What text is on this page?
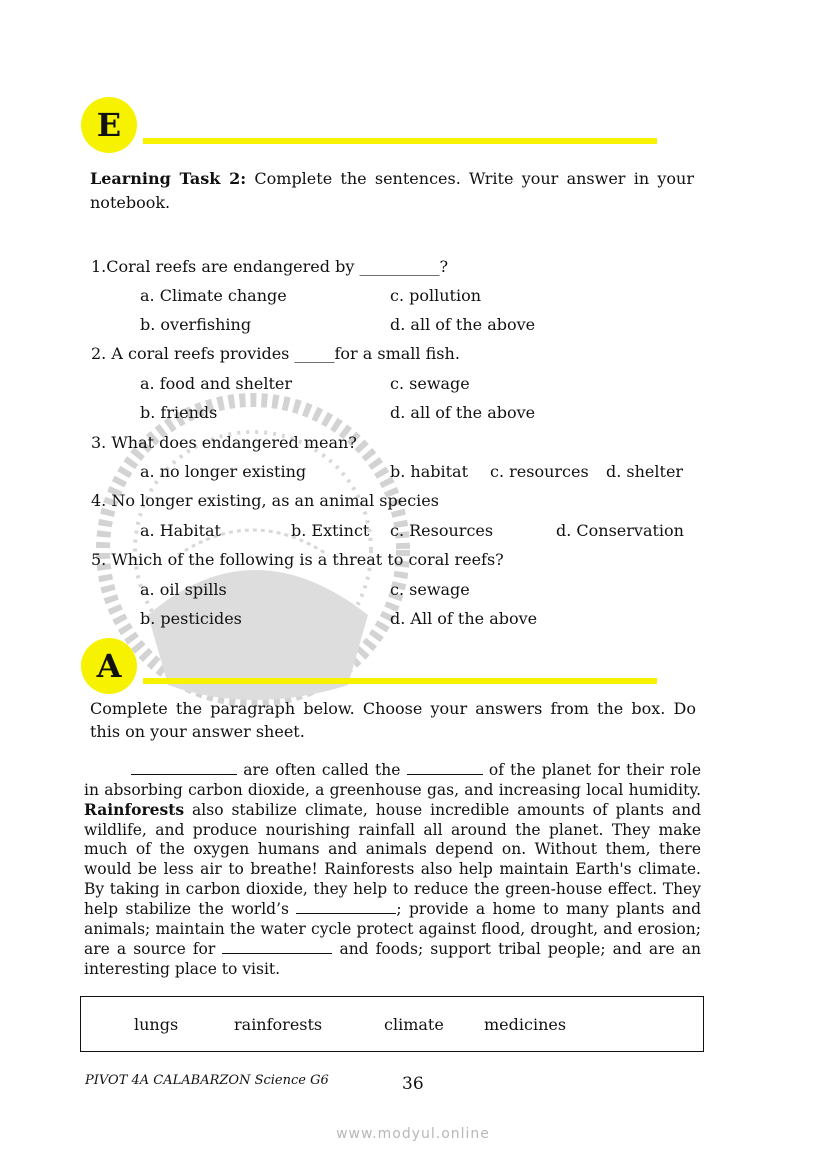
E
Learning Task 2: Complete the sentences. Write your answer in your notebook.
1.Coral reefs are endangered by __________?
a. Climate change	c. pollution
b. overfishing	d. all of the above
2. A coral reefs provides _____for a small fish.
a. food and shelter	c. sewage
b. friends	d. all of the above
3. What does endangered mean?
a. no longer existing	b. habitat c. resources d. shelter
4. No longer existing, as an animal species
a. Habitat	b. Extinct c. Resources	d. Conservation
5. Which of the following is a threat to coral reefs?
a. oil spills	c. sewage
b. pesticides	d. All of the above
A
Complete the paragraph below. Choose your answers from the box. Do this on your answer sheet.
are often called the	of the planet for their role in absorbing carbon dioxide, a greenhouse gas, and increasing local humidity. Rainforests also stabilize climate, house incredible amounts of plants and wildlife, and produce nourishing rainfall all around the planet. They make much of the oxygen humans and animals depend on. Without them, there would be less air to breathe! Rainforests also help maintain Earth's climate. By taking in carbon dioxide, they help to reduce the green-house effect. They help stabilize the world’s	; provide a home to many plants and animals; maintain the water cycle protect against flood, drought, and erosion; are a source for	and foods; support tribal people; and are an interesting place to visit.
lungs	rainforests	climate	medicines
PIVOT 4A CALABARZON Science G6	36
www.modyul.online
